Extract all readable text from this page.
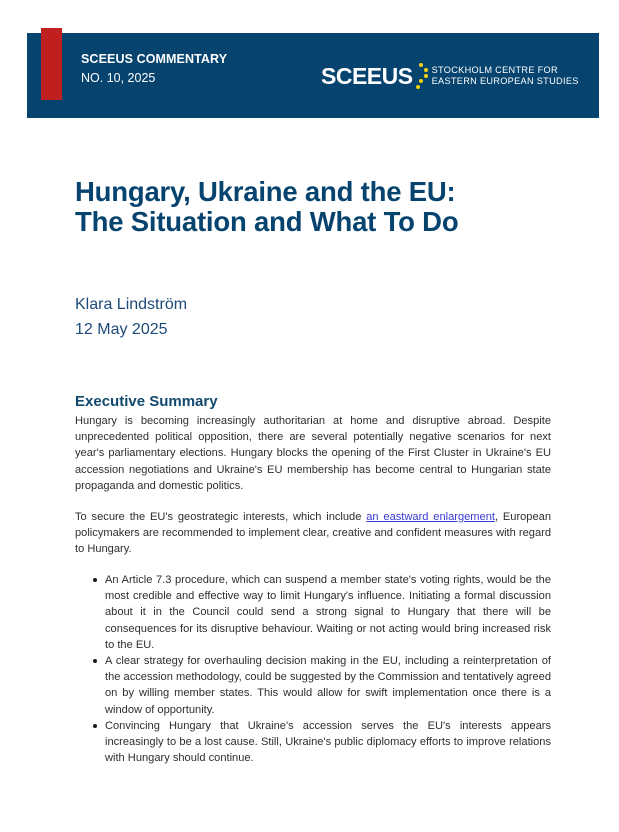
SCEEUS COMMENTARY
NO. 10, 2025	SCEEUS STOCKHOLM CENTRE FOR
EASTERN EUROPEAN STUDIES
Hungary, Ukraine and the EU:
The Situation and What To Do
Klara Lindström
12 May 2025
Executive Summary

Hungary is becoming increasingly authoritarian at home and disruptive abroad. Despite unprecedented political opposition, there are several potentially negative scenarios for next year's parliamentary elections. Hungary blocks the opening of the First Cluster in Ukraine's EU accession negotiations and Ukraine's EU membership has become central to Hungarian state propaganda and domestic politics.

To secure the EU's geostrategic interests, which include an eastward enlargement, European policymakers are recommended to implement clear, creative and confident measures with regard to Hungary.

An Article 7.3 procedure, which can suspend a member state's voting rights, would be the most credible and effective way to limit Hungary's influence. Initiating a formal discussion about it in the Council could send a strong signal to Hungary that there will be consequences for its disruptive behaviour. Waiting or not acting would bring increased risk to the EU.
A clear strategy for overhauling decision making in the EU, including a reinterpretation of the accession methodology, could be suggested by the Commission and tentatively agreed on by willing member states. This would allow for swift implementation once there is a window of opportunity.
Convincing Hungary that Ukraine's accession serves the EU's interests appears increasingly to be a lost cause. Still, Ukraine's public diplomacy efforts to improve relations with Hungary should continue.
